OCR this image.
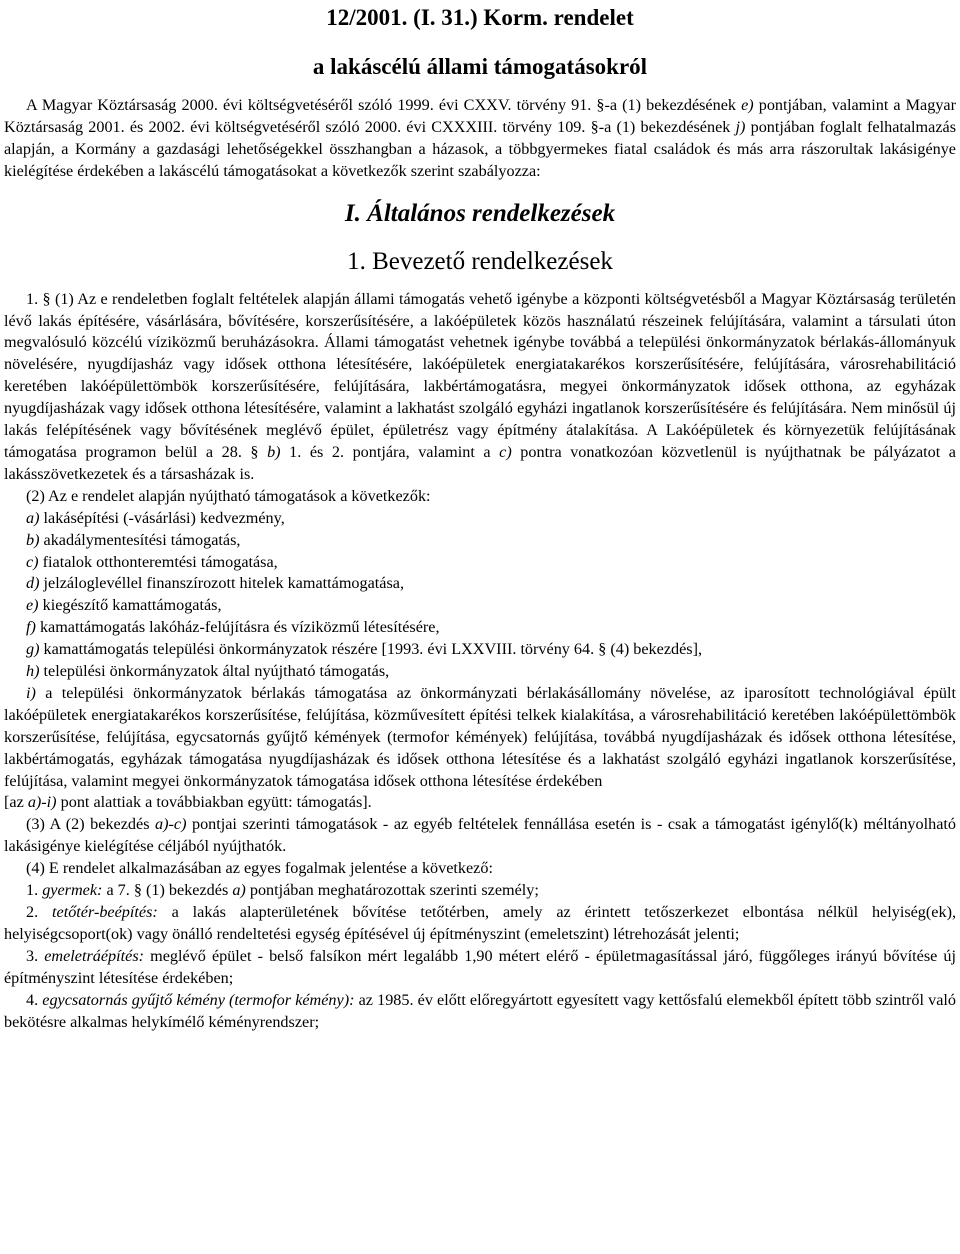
12/2001. (I. 31.) Korm. rendelet
a lakáscélú állami támogatásokról

A Magyar Köztársaság 2000. évi költségvetéséről szóló 1999. évi CXXV. törvény 91. §-a (1) bekezdésének e) pontjában, valamint a Magyar Köztársaság 2001. és 2002. évi költségvetéséről szóló 2000. évi CXXXIII. törvény 109. §-a (1) bekezdésének j) pontjában foglalt felhatalmazás alapján, a Kormány a gazdasági lehetőségekkel összhangban a házasok, a többgyermekes fiatal családok és más arra rászorultak lakásigénye kielégítése érdekében a lakáscélú támogatásokat a következők szerint szabályozza:

I. Általános rendelkezések
1. Bevezető rendelkezések

1. § (1) Az e rendeletben foglalt feltételek alapján állami támogatás vehető igénybe a központi költségvetésből a Magyar Köztársaság területén lévő lakás építésére, vásárlására, bővítésére, korszerűsítésére, a lakóépületek közös használatú részeinek felújítására, valamint a társulati úton megvalósuló közcélú víziközmű beruházásokra. Állami támogatást vehetnek igénybe továbbá a települési önkormányzatok bérlakás-állományuk növelésére, nyugdíjasház vagy idősek otthona létesítésére, lakóépületek energiatakarékos korszerűsítésére, felújítására, városrehabilitáció keretében lakóépülettömbök korszerűsítésére, felújítására, lakbértámogatásra, megyei önkormányzatok idősek otthona, az egyházak nyugdíjasházak vagy idősek otthona létesítésére, valamint a lakhatást szolgáló egyházi ingatlanok korszerűsítésére és felújítására. Nem minősül új lakás felépítésének vagy bővítésének meglévő épület, épületrész vagy építmény átalakítása. A Lakóépületek és környezetük felújításának támogatása programon belül a 28. § b) 1. és 2. pontjára, valamint a c) pontra vonatkozóan közvetlenül is nyújthatnak be pályázatot a lakásszövetkezetek és a társasházak is.

(2) Az e rendelet alapján nyújtható támogatások a következők:

a) lakásépítési (-vásárlási) kedvezmény,

b) akadálymentesítési támogatás,

c) fiatalok otthonteremtési támogatása,

d) jelzáloglevéllel finanszírozott hitelek kamattámogatása,

e) kiegészítő kamattámogatás,

f) kamattámogatás lakóház-felújításra és víziközmű létesítésére,

g) kamattámogatás települési önkormányzatok részére [1993. évi LXXVIII. törvény 64. § (4) bekezdés],

h) települési önkormányzatok által nyújtható támogatás,

i) a települési önkormányzatok bérlakás támogatása az önkormányzati bérlakásállomány növelése, az iparosított technológiával épült lakóépületek energiatakarékos korszerűsítése, felújítása, közművesített építési telkek kialakítása, a városrehabilitáció keretében lakóépülettömbök korszerűsítése, felújítása, egycsatornás gyűjtő kémények (termofor kémények) felújítása, továbbá nyugdíjasházak és idősek otthona létesítése, lakbértámogatás, egyházak támogatása nyugdíjasházak és idősek otthona létesítése és a lakhatást szolgáló egyházi ingatlanok korszerűsítése, felújítása, valamint megyei önkormányzatok támogatása idősek otthona létesítése érdekében

[az a)-i) pont alattiak a továbbiakban együtt: támogatás].

(3) A (2) bekezdés a)-c) pontjai szerinti támogatások - az egyéb feltételek fennállása esetén is - csak a támogatást igénylő(k) méltányolható lakásigénye kielégítése céljából nyújthatók.

(4) E rendelet alkalmazásában az egyes fogalmak jelentése a következő:

1. gyermek: a 7. § (1) bekezdés a) pontjában meghatározottak szerinti személy;

2. tetőtér-beépítés: a lakás alapterületének bővítése tetőtérben, amely az érintett tetőszerkezet elbontása nélkül helyiség(ek), helyiségcsoport(ok) vagy önálló rendeltetési egység építésével új építményszint (emeletszint) létrehozását jelenti;

3. emeletráépítés: meglévő épület - belső falsíkon mért legalább 1,90 métert elérő - épületmagasítással járó, függőleges irányú bővítése új építményszint létesítése érdekében;

4. egycsatornás gyűjtő kémény (termofor kémény): az 1985. év előtt előregyártott egyesített vagy kettősfalú elemekből épített több szintről való bekötésre alkalmas helykímélő kéményrendszer;
